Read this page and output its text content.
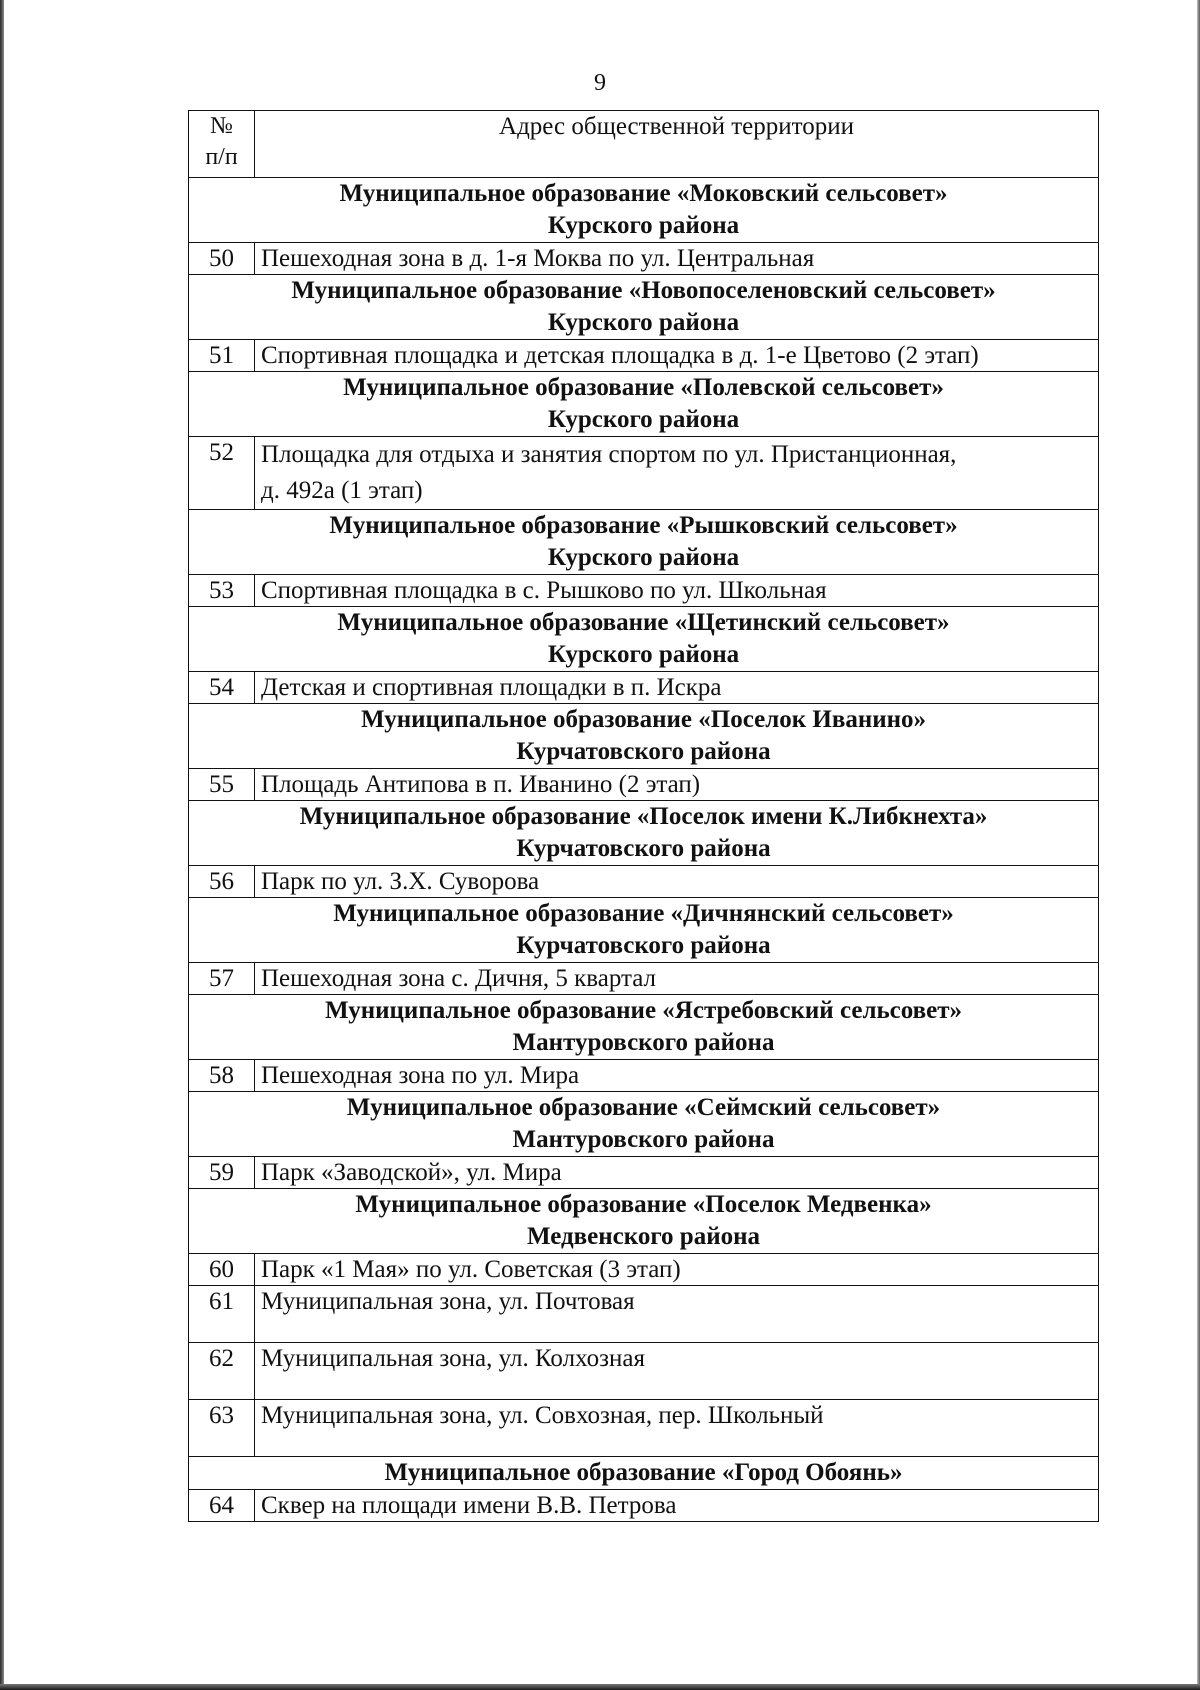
9
№
п/п	Адрес общественной территории

Муниципальное образование «Моковский сельсовет»
Курского района	

50	Пешеходная зона в д. 1-я Моква по ул. Центральная

Муниципальное образование «Новопоселеновский сельсовет»
Курского района	

51	Спортивная площадка и детская площадка в д. 1-е Цветово (2 этап)

Муниципальное образование «Полевской сельсовет»
Курского района	

52	Площадка для отдыха и занятия спортом по ул. Пристанционная,
д. 492а (1 этап)

Муниципальное образование «Рышковский сельсовет»
Курского района	

53	Спортивная площадка в с. Рышково по ул. Школьная

Муниципальное образование «Щетинский сельсовет»
Курского района	

54	Детская и спортивная площадки в п. Искра

Муниципальное образование «Поселок Иванино»
Курчатовского района	

55	Площадь Антипова в п. Иванино (2 этап)

Муниципальное образование «Поселок имени К.Либкнехта»
Курчатовского района	

56	Парк по ул. З.Х. Суворова

Муниципальное образование «Дичнянский сельсовет»
Курчатовского района	

57	Пешеходная зона с. Дичня, 5 квартал

Муниципальное образование «Ястребовский сельсовет»
Мантуровского района	

58	Пешеходная зона по ул. Мира

Муниципальное образование «Сеймский сельсовет»
Мантуровского района	

59	Парк «Заводской», ул. Мира

Муниципальное образование «Поселок Медвенка»
Медвенского района	

60	Парк «1 Мая» по ул. Советская (3 этап)
61	Муниципальная зона, ул. Почтовая
62	Муниципальная зона, ул. Колхозная
63	Муниципальная зона, ул. Совхозная, пер. Школьный

Муниципальное образование «Город Обоянь»	

64	Сквер на площади имени В.В. Петрова
